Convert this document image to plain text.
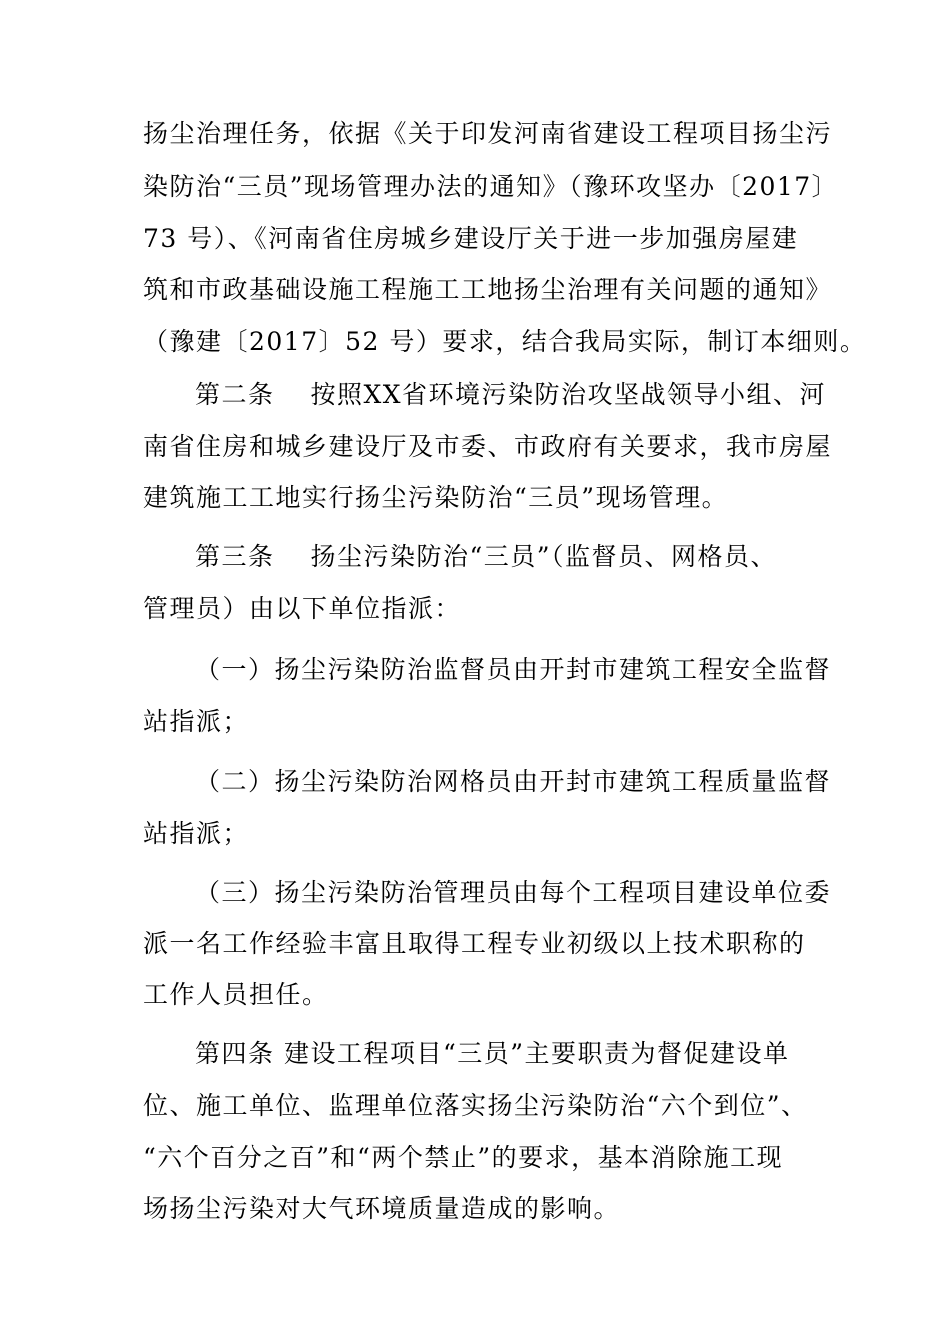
扬尘治理任务，依据《关于印发河南省建设工程项目扬尘污
染防治“三员”现场管理办法的通知》（豫环攻坚办〔2017〕
73 号）、《河南省住房城乡建设厅关于进一步加强房屋建
筑和市政基础设施工程施工工地扬尘治理有关问题的通知》
（豫建〔2017〕52 号）要求，结合我局实际，制订本细则。
第二条　 按照XX省环境污染防治攻坚战领导小组、河
南省住房和城乡建设厅及市委、市政府有关要求，我市房屋
建筑施工工地实行扬尘污染防治“三员”现场管理。
第三条　 扬尘污染防治“三员”（监督员、网格员、
管理员）由以下单位指派：
（一）扬尘污染防治监督员由开封市建筑工程安全监督
站指派；
（二）扬尘污染防治网格员由开封市建筑工程质量监督
站指派；
（三）扬尘污染防治管理员由每个工程项目建设单位委
派一名工作经验丰富且取得工程专业初级以上技术职称的
工作人员担任。
第四条 建设工程项目“三员”主要职责为督促建设单
位、施工单位、监理单位落实扬尘污染防治“六个到位”、
“六个百分之百”和“两个禁止”的要求，基本消除施工现
场扬尘污染对大气环境质量造成的影响。
